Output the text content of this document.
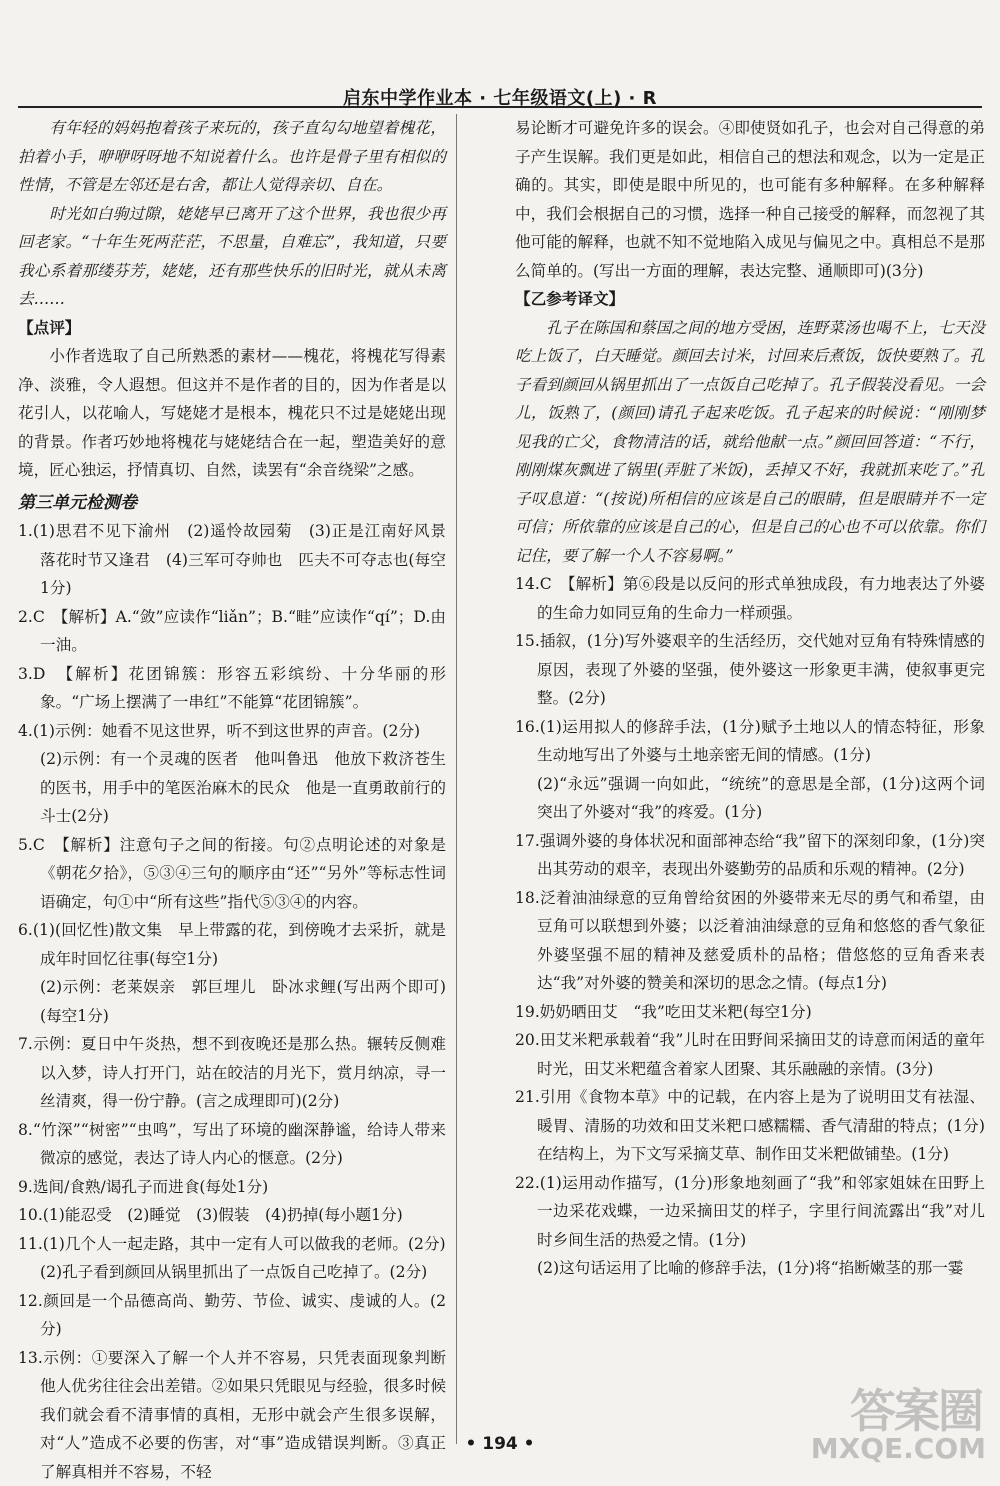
启东中学作业本 · 七年级语文(上) · R

有年轻的妈妈抱着孩子来玩的，孩子直勾勾地望着槐花，拍着小手，咿咿呀呀地不知说着什么。也许是骨子里有相似的性情，不管是左邻还是右舍，都让人觉得亲切、自在。

时光如白驹过隙，姥姥早已离开了这个世界，我也很少再回老家。“十年生死两茫茫，不思量，自难忘”，我知道，只要我心系着那缕芬芳，姥姥，还有那些快乐的旧时光，就从未离去……

【点评】

小作者选取了自己所熟悉的素材——槐花，将槐花写得素净、淡雅，令人遐想。但这并不是作者的目的，因为作者是以花引人，以花喻人，写姥姥才是根本，槐花只不过是姥姥出现的背景。作者巧妙地将槐花与姥姥结合在一起，塑造美好的意境，匠心独运，抒情真切、自然，读罢有“余音绕梁”之感。

第三单元检测卷

1.(1)思君不见下渝州　(2)遥怜故园菊　(3)正是江南好风景　落花时节又逢君　(4)三军可夺帅也　匹夫不可夺志也(每空1分)

2.C　【解析】A.“敛”应读作“liǎn”；B.“畦”应读作“qí”；D.由一油。

3.D　【解析】花团锦簇：形容五彩缤纷、十分华丽的形象。“广场上摆满了一串红”不能算“花团锦簇”。

4.(1)示例：她看不见这世界，听不到这世界的声音。(2分)

(2)示例：有一个灵魂的医者　他叫鲁迅　他放下救济苍生的医书，用手中的笔医治麻木的民众　他是一直勇敢前行的斗士(2分)

5.C　【解析】注意句子之间的衔接。句②点明论述的对象是《朝花夕拾》，⑤③④三句的顺序由“还”“另外”等标志性词语确定，句①中“所有这些”指代⑤③④的内容。

6.(1)(回忆性)散文集　早上带露的花，到傍晚才去采折，就是成年时回忆往事(每空1分)

(2)示例：老莱娱亲　郭巨埋儿　卧冰求鲤(写出两个即可)(每空1分)

7.示例：夏日中午炎热，想不到夜晚还是那么热。辗转反侧难以入梦，诗人打开门，站在皎洁的月光下，赏月纳凉，寻一丝清爽，得一份宁静。(言之成理即可)(2分)

8.“竹深”“树密”“虫鸣”，写出了环境的幽深静谧，给诗人带来微凉的感觉，表达了诗人内心的惬意。(2分)

9.选间/食熟/谒孔子而进食(每处1分)

10.(1)能忍受　(2)睡觉　(3)假装　(4)扔掉(每小题1分)

11.(1)几个人一起走路，其中一定有人可以做我的老师。(2分)

(2)孔子看到颜回从锅里抓出了一点饭自己吃掉了。(2分)

12.颜回是一个品德高尚、勤劳、节俭、诚实、虔诚的人。(2分)

13.示例：①要深入了解一个人并不容易，只凭表面现象判断他人优劣往往会出差错。②如果只凭眼见与经验，很多时候我们就会看不清事情的真相，无形中就会产生很多误解，对“人”造成不必要的伤害，对“事”造成错误判断。③真正了解真相并不容易，不轻

易论断才可避免许多的误会。④即使贤如孔子，也会对自己得意的弟子产生误解。我们更是如此，相信自己的想法和观念，以为一定是正确的。其实，即使是眼中所见的，也可能有多种解释。在多种解释中，我们会根据自己的习惯，选择一种自己接受的解释，而忽视了其他可能的解释，也就不知不觉地陷入成见与偏见之中。真相总不是那么简单的。(写出一方面的理解，表达完整、通顺即可)(3分)

【乙参考译文】

孔子在陈国和蔡国之间的地方受困，连野菜汤也喝不上，七天没吃上饭了，白天睡觉。颜回去讨米，讨回来后煮饭，饭快要熟了。孔子看到颜回从锅里抓出了一点饭自己吃掉了。孔子假装没看见。一会儿，饭熟了，(颜回)请孔子起来吃饭。孔子起来的时候说：“刚刚梦见我的亡父，食物清洁的话，就给他献一点。”颜回回答道：“不行，刚刚煤灰飘进了锅里(弄脏了米饭)，丢掉又不好，我就抓来吃了。”孔子叹息道：“(按说)所相信的应该是自己的眼睛，但是眼睛并不一定可信；所依靠的应该是自己的心，但是自己的心也不可以依靠。你们记住，要了解一个人不容易啊。”

14.C　【解析】第⑥段是以反问的形式单独成段，有力地表达了外婆的生命力如同豆角的生命力一样顽强。

15.插叙，(1分)写外婆艰辛的生活经历，交代她对豆角有特殊情感的原因，表现了外婆的坚强，使外婆这一形象更丰满，使叙事更完整。(2分)

16.(1)运用拟人的修辞手法，(1分)赋予土地以人的情态特征，形象生动地写出了外婆与土地亲密无间的情感。(1分)

(2)“永远”强调一向如此，“统统”的意思是全部，(1分)这两个词突出了外婆对“我”的疼爱。(1分)

17.强调外婆的身体状况和面部神态给“我”留下的深刻印象，(1分)突出其劳动的艰辛，表现出外婆勤劳的品质和乐观的精神。(2分)

18.泛着油油绿意的豆角曾给贫困的外婆带来无尽的勇气和希望，由豆角可以联想到外婆；以泛着油油绿意的豆角和悠悠的香气象征外婆坚强不屈的精神及慈爱质朴的品格；借悠悠的豆角香来表达“我”对外婆的赞美和深切的思念之情。(每点1分)

19.奶奶晒田艾　“我”吃田艾米粑(每空1分)

20.田艾米粑承载着“我”儿时在田野间采摘田艾的诗意而闲适的童年时光，田艾米粑蕴含着家人团聚、其乐融融的亲情。(3分)

21.引用《食物本草》中的记载，在内容上是为了说明田艾有祛湿、暖胃、清肠的功效和田艾米粑口感糯糯、香气清甜的特点；(1分)在结构上，为下文写采摘艾草、制作田艾米粑做铺垫。(1分)

22.(1)运用动作描写，(1分)形象地刻画了“我”和邻家姐妹在田野上一边采花戏蝶，一边采摘田艾的样子，字里行间流露出“我”对儿时乡间生活的热爱之情。(1分)

(2)这句话运用了比喻的修辞手法，(1分)将“掐断嫩茎的那一霎

• 194 •
答案圈
MXQE.COM
